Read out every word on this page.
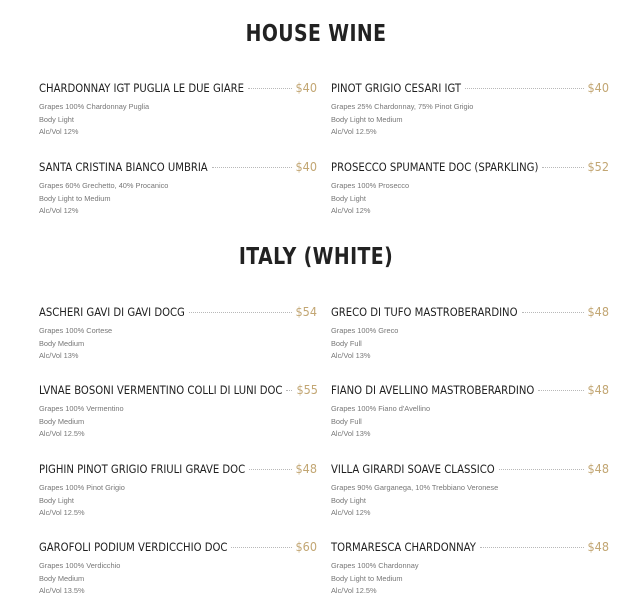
HOUSE WINE
CHARDONNAY IGT PUGLIA LE DUE GIARE	$40
Grapes 100% Chardonnay Puglia
Body Light
Alc/Vol 12%
PINOT GRIGIO CESARI IGT	$40
Grapes 25% Chardonnay, 75% Pinot Grigio
Body Light to Medium
Alc/Vol 12.5%
SANTA CRISTINA BIANCO UMBRIA	$40
Grapes 60% Grechetto, 40% Procanico
Body Light to Medium
Alc/Vol 12%
PROSECCO SPUMANTE DOC (SPARKLING)	$52
Grapes 100% Prosecco
Body Light
Alc/Vol 12%
ITALY (WHITE)
ASCHERI GAVI DI GAVI DOCG	$54
Grapes 100% Cortese
Body Medium
Alc/Vol 13%
GRECO DI TUFO MASTROBERARDINO	$48
Grapes 100% Greco
Body Full
Alc/Vol 13%
LVNAE BOSONI VERMENTINO COLLI DI LUNI DOC $55
Grapes 100% Vermentino
Body Medium
Alc/Vol 12.5%
FIANO DI AVELLINO MASTROBERARDINO	$48
Grapes 100% Fiano d'Avellino
Body Full
Alc/Vol 13%
PIGHIN PINOT GRIGIO FRIULI GRAVE DOC	$48
Grapes 100% Pinot Grigio
Body Light
Alc/Vol 12.5%
VILLA GIRARDI SOAVE CLASSICO	$48
Grapes 90% Garganega, 10% Trebbiano Veronese
Body Light
Alc/Vol 12%
GAROFOLI PODIUM VERDICCHIO DOC	$60
Grapes 100% Verdicchio
Body Medium
Alc/Vol 13.5%
TORMARESCA CHARDONNAY	$48
Grapes 100% Chardonnay
Body Light to Medium
Alc/Vol 12.5%
